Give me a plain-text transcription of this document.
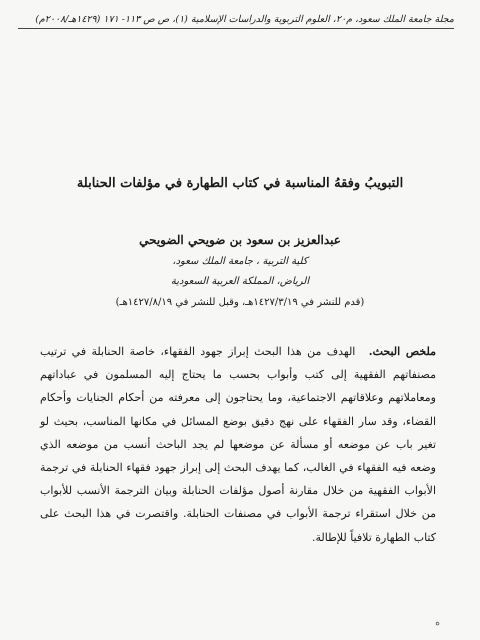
مجلة جامعة الملك سعود، م٢٠، العلوم التربوية والدراسات الإسلامية (١)، ص ص ١١٣- ١٧١ (١٤٢٩هـ/٢٠٠٨م)
التبويبُ وفقهُ المناسبة في كتاب الطهارة في مؤلفات الحنابلة
عبدالعزيز بن سعود بن ضويحي الضويحي
كلية التربية ، جامعة الملك سعود،
الرياض، المملكة العربية السعودية
(قدم للنشر في ١٤٢٧/٣/١٩هـ، وقبل للنشر في ١٤٢٧/٨/١٩هـ)
ملخص البحث. الهدف من هذا البحث إبراز جهود الفقهاء، خاصة الحنابلة في ترتيب مصنفاتهم الفقهية إلى كتب وأبواب بحسب ما يحتاج إليه المسلمون في عباداتهم ومعاملاتهم وعلاقاتهم الاجتماعية، وما يحتاجون إلى معرفته من أحكام الجنايات وأحكام القضاء، وقد سار الفقهاء على نهج دقيق بوضع المسائل في مكانها المناسب، بحيث لو تغير باب عن موضعه أو مسألة عن موضعها لم يجد الباحث أنسب من موضعه الذي وضعه فيه الفقهاء في الغالب، كما يهدف البحث إلى إبراز جهود فقهاء الحنابلة في ترجمة الأبواب الفقهية من خلال مقارنة أصول مؤلفات الحنابلة وبيان الترجمة الأنسب للأبواب من خلال استقراء ترجمة الأبواب في مصنفات الحنابلة. واقتصرت في هذا البحث على كتاب الطهارة تلافياً للإطالة.
ه
